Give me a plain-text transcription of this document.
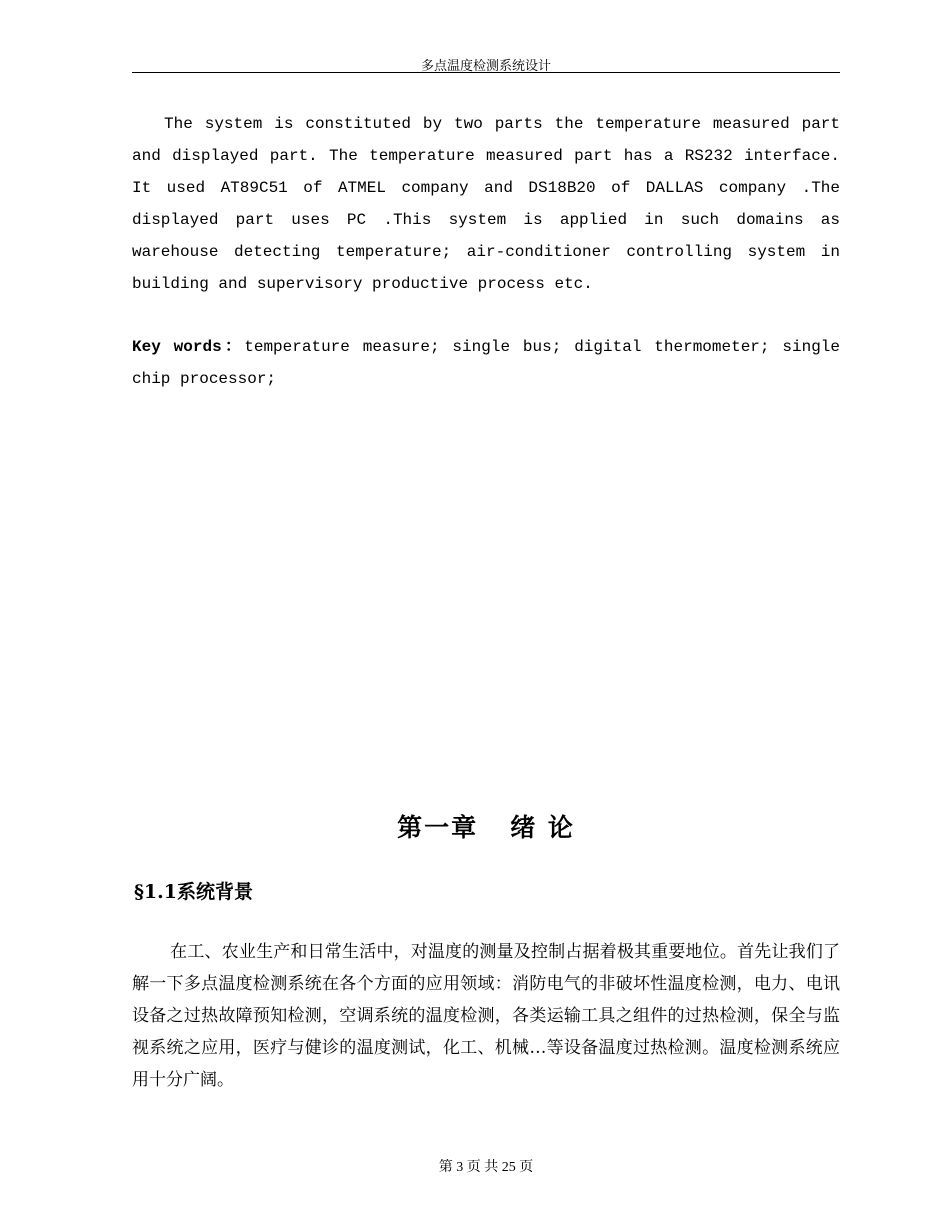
多点温度检测系统设计
The system is constituted by two parts the temperature measured part and displayed part. The temperature measured part has a RS232 interface. It used AT89C51 of ATMEL company and DS18B20 of DALLAS company .The displayed part uses PC .This system is applied in such domains as warehouse detecting temperature; air-conditioner controlling system in building and supervisory productive process etc.
Key words：temperature measure; single bus; digital thermometer; single chip processor;
第一章   绪 论
§1.1系统背景
在工、农业生产和日常生活中，对温度的测量及控制占据着极其重要地位。首先让我们了解一下多点温度检测系统在各个方面的应用领域：消防电气的非破坏性温度检测，电力、电讯设备之过热故障预知检测，空调系统的温度检测，各类运输工具之组件的过热检测，保全与监视系统之应用，医疗与健诊的温度测试，化工、机械…等设备温度过热检测。温度检测系统应用十分广阔。
第 3 页 共 25 页
